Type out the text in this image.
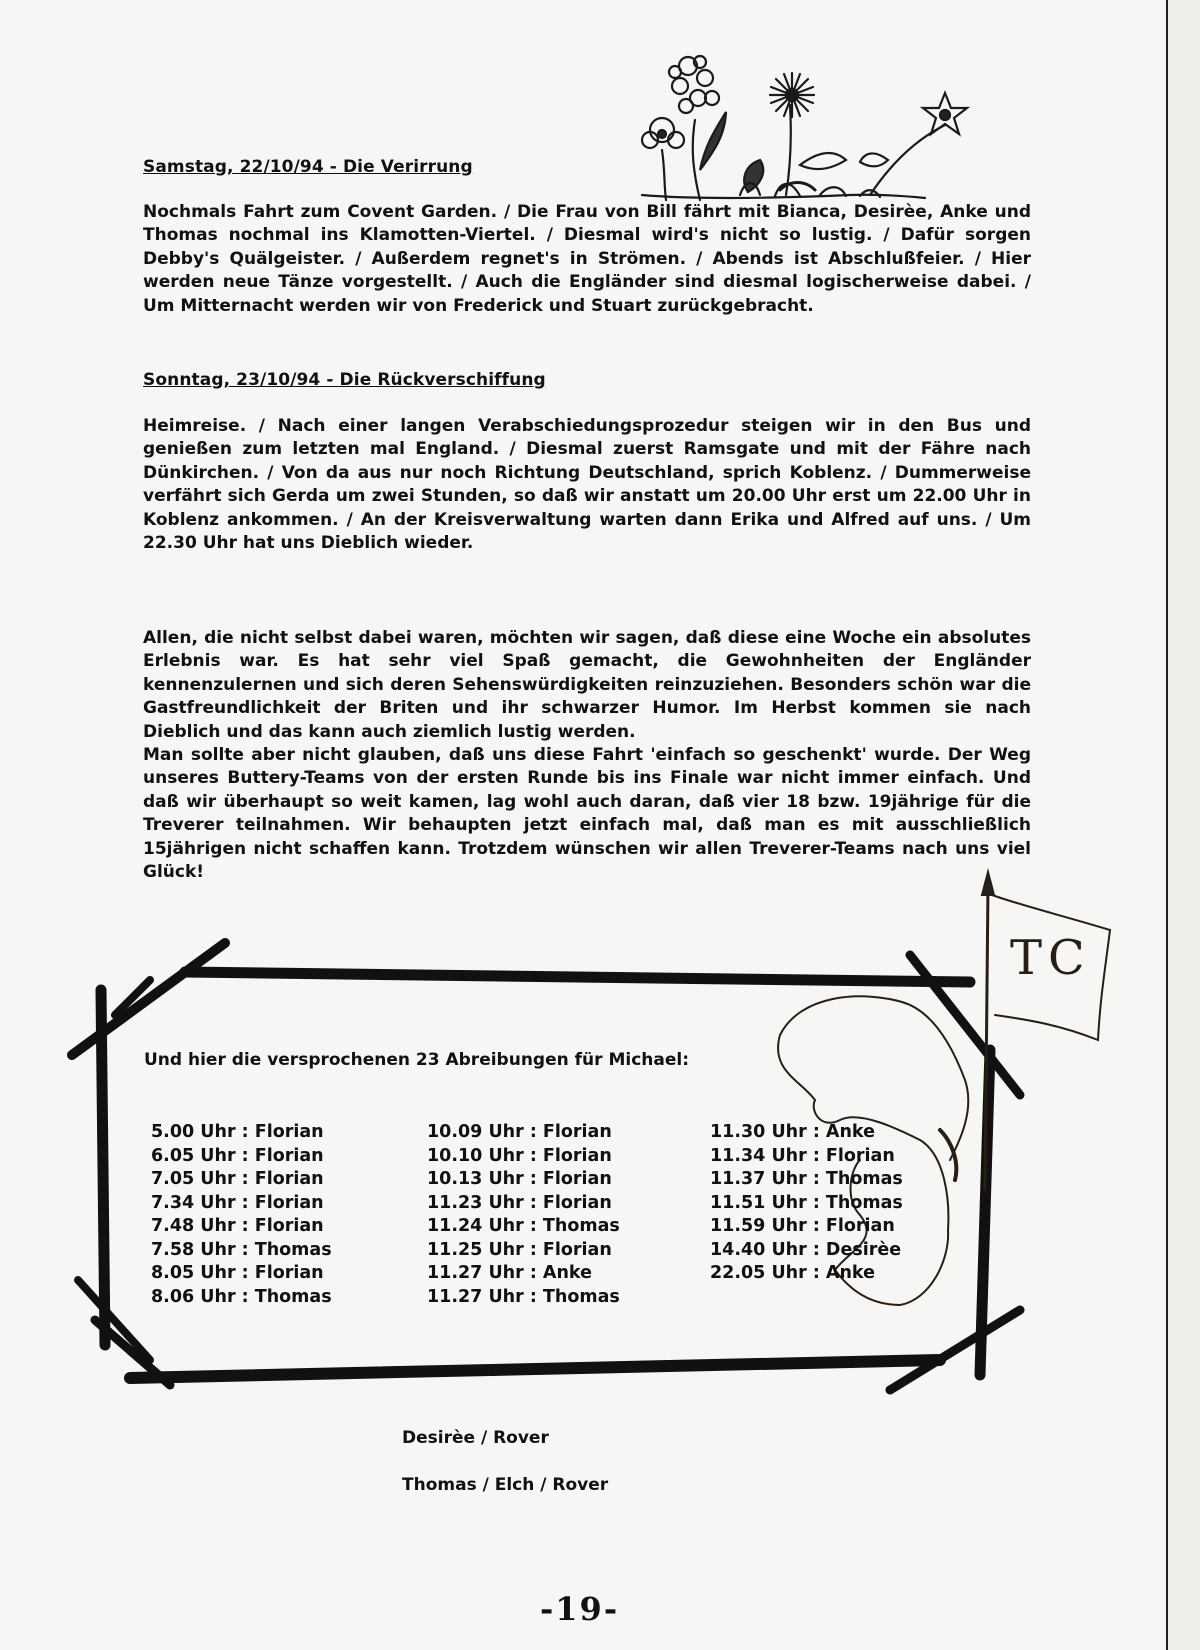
TC
Samstag, 22/10/94 - Die Verirrung
Nochmals Fahrt zum Covent Garden. / Die Frau von Bill fährt mit Bianca, Desirèe, Anke und Thomas nochmal ins Klamotten-Viertel. / Diesmal wird's nicht so lustig. / Dafür sorgen Debby's Quälgeister. / Außerdem regnet's in Strömen. / Abends ist Abschlußfeier. / Hier werden neue Tänze vorgestellt. / Auch die Engländer sind diesmal logischerweise dabei. / Um Mitternacht werden wir von Frederick und Stuart zurückgebracht.
Sonntag, 23/10/94 - Die Rückverschiffung
Heimreise. / Nach einer langen Verabschiedungsprozedur steigen wir in den Bus und genießen zum letzten mal England. / Diesmal zuerst Ramsgate und mit der Fähre nach Dünkirchen. / Von da aus nur noch Richtung Deutschland, sprich Koblenz. / Dummerweise verfährt sich Gerda um zwei Stunden, so daß wir anstatt um 20.00 Uhr erst um 22.00 Uhr in Koblenz ankommen. / An der Kreisverwaltung warten dann Erika und Alfred auf uns. / Um 22.30 Uhr hat uns Dieblich wieder.

Allen, die nicht selbst dabei waren, möchten wir sagen, daß diese eine Woche ein absolutes Erlebnis war. Es hat sehr viel Spaß gemacht, die Gewohnheiten der Engländer kennenzulernen und sich deren Sehenswürdigkeiten reinzuziehen. Besonders schön war die Gastfreundlichkeit der Briten und ihr schwarzer Humor. Im Herbst kommen sie nach Dieblich und das kann auch ziemlich lustig werden.

Man sollte aber nicht glauben, daß uns diese Fahrt 'einfach so geschenkt' wurde. Der Weg unseres Buttery-Teams von der ersten Runde bis ins Finale war nicht immer einfach. Und daß wir überhaupt so weit kamen, lag wohl auch daran, daß vier 18 bzw. 19jährige für die Treverer teilnahmen. Wir behaupten jetzt einfach mal, daß man es mit ausschließlich 15jährigen nicht schaffen kann. Trotzdem wünschen wir allen Treverer-Teams nach uns viel Glück!

Und hier die versprochenen 23 Abreibungen für Michael:
5.00 Uhr : Florian
6.05 Uhr : Florian
7.05 Uhr : Florian
7.34 Uhr : Florian
7.48 Uhr : Florian
7.58 Uhr : Thomas
8.05 Uhr : Florian
8.06 Uhr : Thomas
10.09 Uhr : Florian
10.10 Uhr : Florian
10.13 Uhr : Florian
11.23 Uhr : Florian
11.24 Uhr : Thomas
11.25 Uhr : Florian
11.27 Uhr : Anke
11.27 Uhr : Thomas
11.30 Uhr : Anke
11.34 Uhr : Florian
11.37 Uhr : Thomas
11.51 Uhr : Thomas
11.59 Uhr : Florian
14.40 Uhr : Desirèe
22.05 Uhr : Anke
Desirèe / Rover
Thomas / Elch / Rover
-19-
